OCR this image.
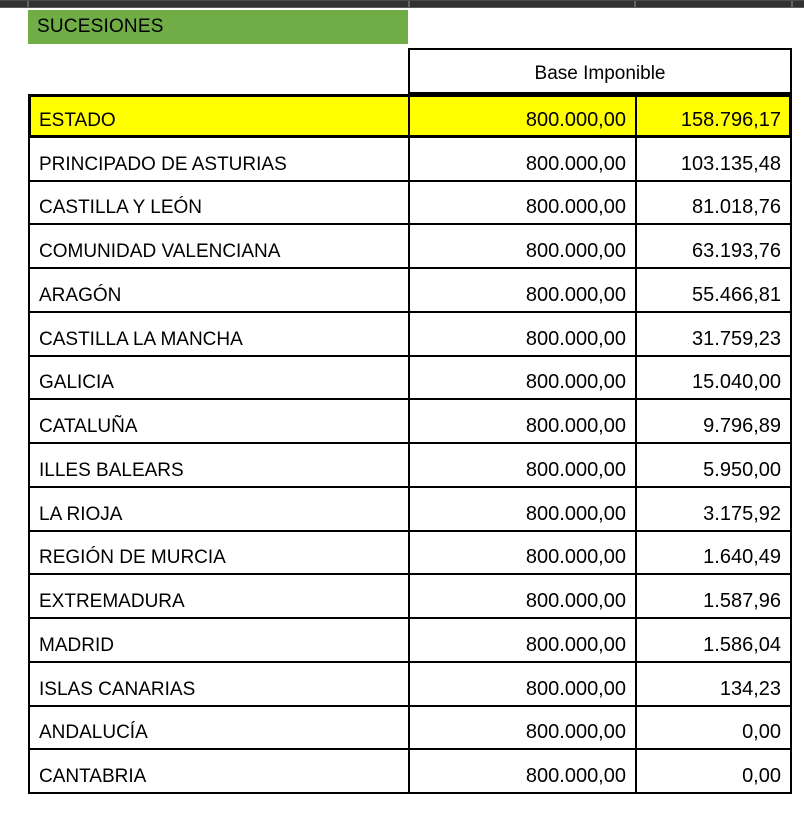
SUCESIONES
Base Imponible
ESTADO	800.000,00	158.796,17
PRINCIPADO DE ASTURIAS	800.000,00	103.135,48
CASTILLA Y LEÓN	800.000,00	81.018,76
COMUNIDAD VALENCIANA	800.000,00	63.193,76
ARAGÓN	800.000,00	55.466,81
CASTILLA LA MANCHA	800.000,00	31.759,23
GALICIA	800.000,00	15.040,00
CATALUÑA	800.000,00	9.796,89
ILLES BALEARS	800.000,00	5.950,00
LA RIOJA	800.000,00	3.175,92
REGIÓN DE MURCIA	800.000,00	1.640,49
EXTREMADURA	800.000,00	1.587,96
MADRID	800.000,00	1.586,04
ISLAS CANARIAS	800.000,00	134,23
ANDALUCÍA	800.000,00	0,00
CANTABRIA	800.000,00	0,00
